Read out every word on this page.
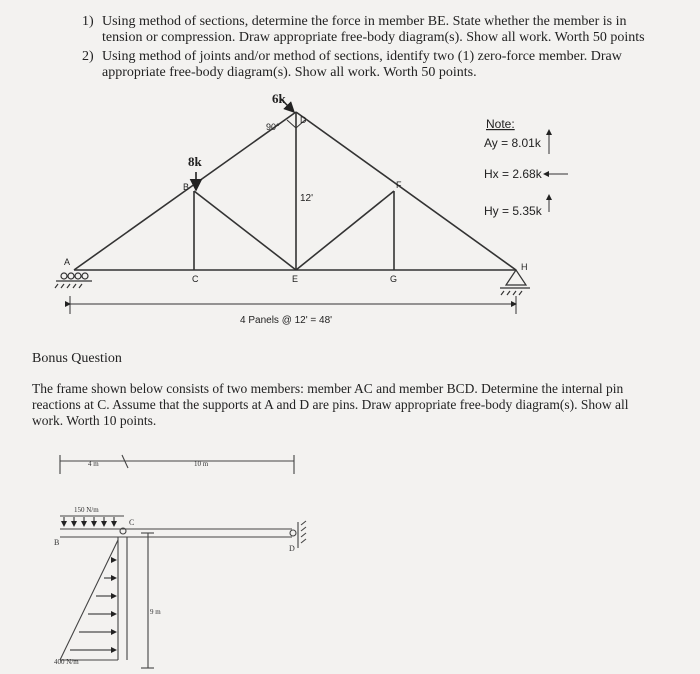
1) Using method of sections, determine the force in member BE. State whether the member is in
tension or compression. Draw appropriate free-body diagram(s). Show all work. Worth 50 points
2) Using method of joints and/or method of sections, identify two (1) zero-force member. Draw
appropriate free-body diagram(s). Show all work. Worth 50 points.
6k
8k
90°
12'
4 Panels @ 12' = 48'
A
B
C
D
E
F
G
H
Note:
Ay = 8.01k
Hx = 2.68k
Hy = 5.35k
4 m	10 m
150 N/m
B
C
D
9 m
400 N/m
Bonus Question
The frame shown below consists of two members: member AC and member BCD. Determine the internal pin reactions at C. Assume that the supports at A and D are pins. Draw appropriate free-body diagram(s). Show all work. Worth 10 points.
